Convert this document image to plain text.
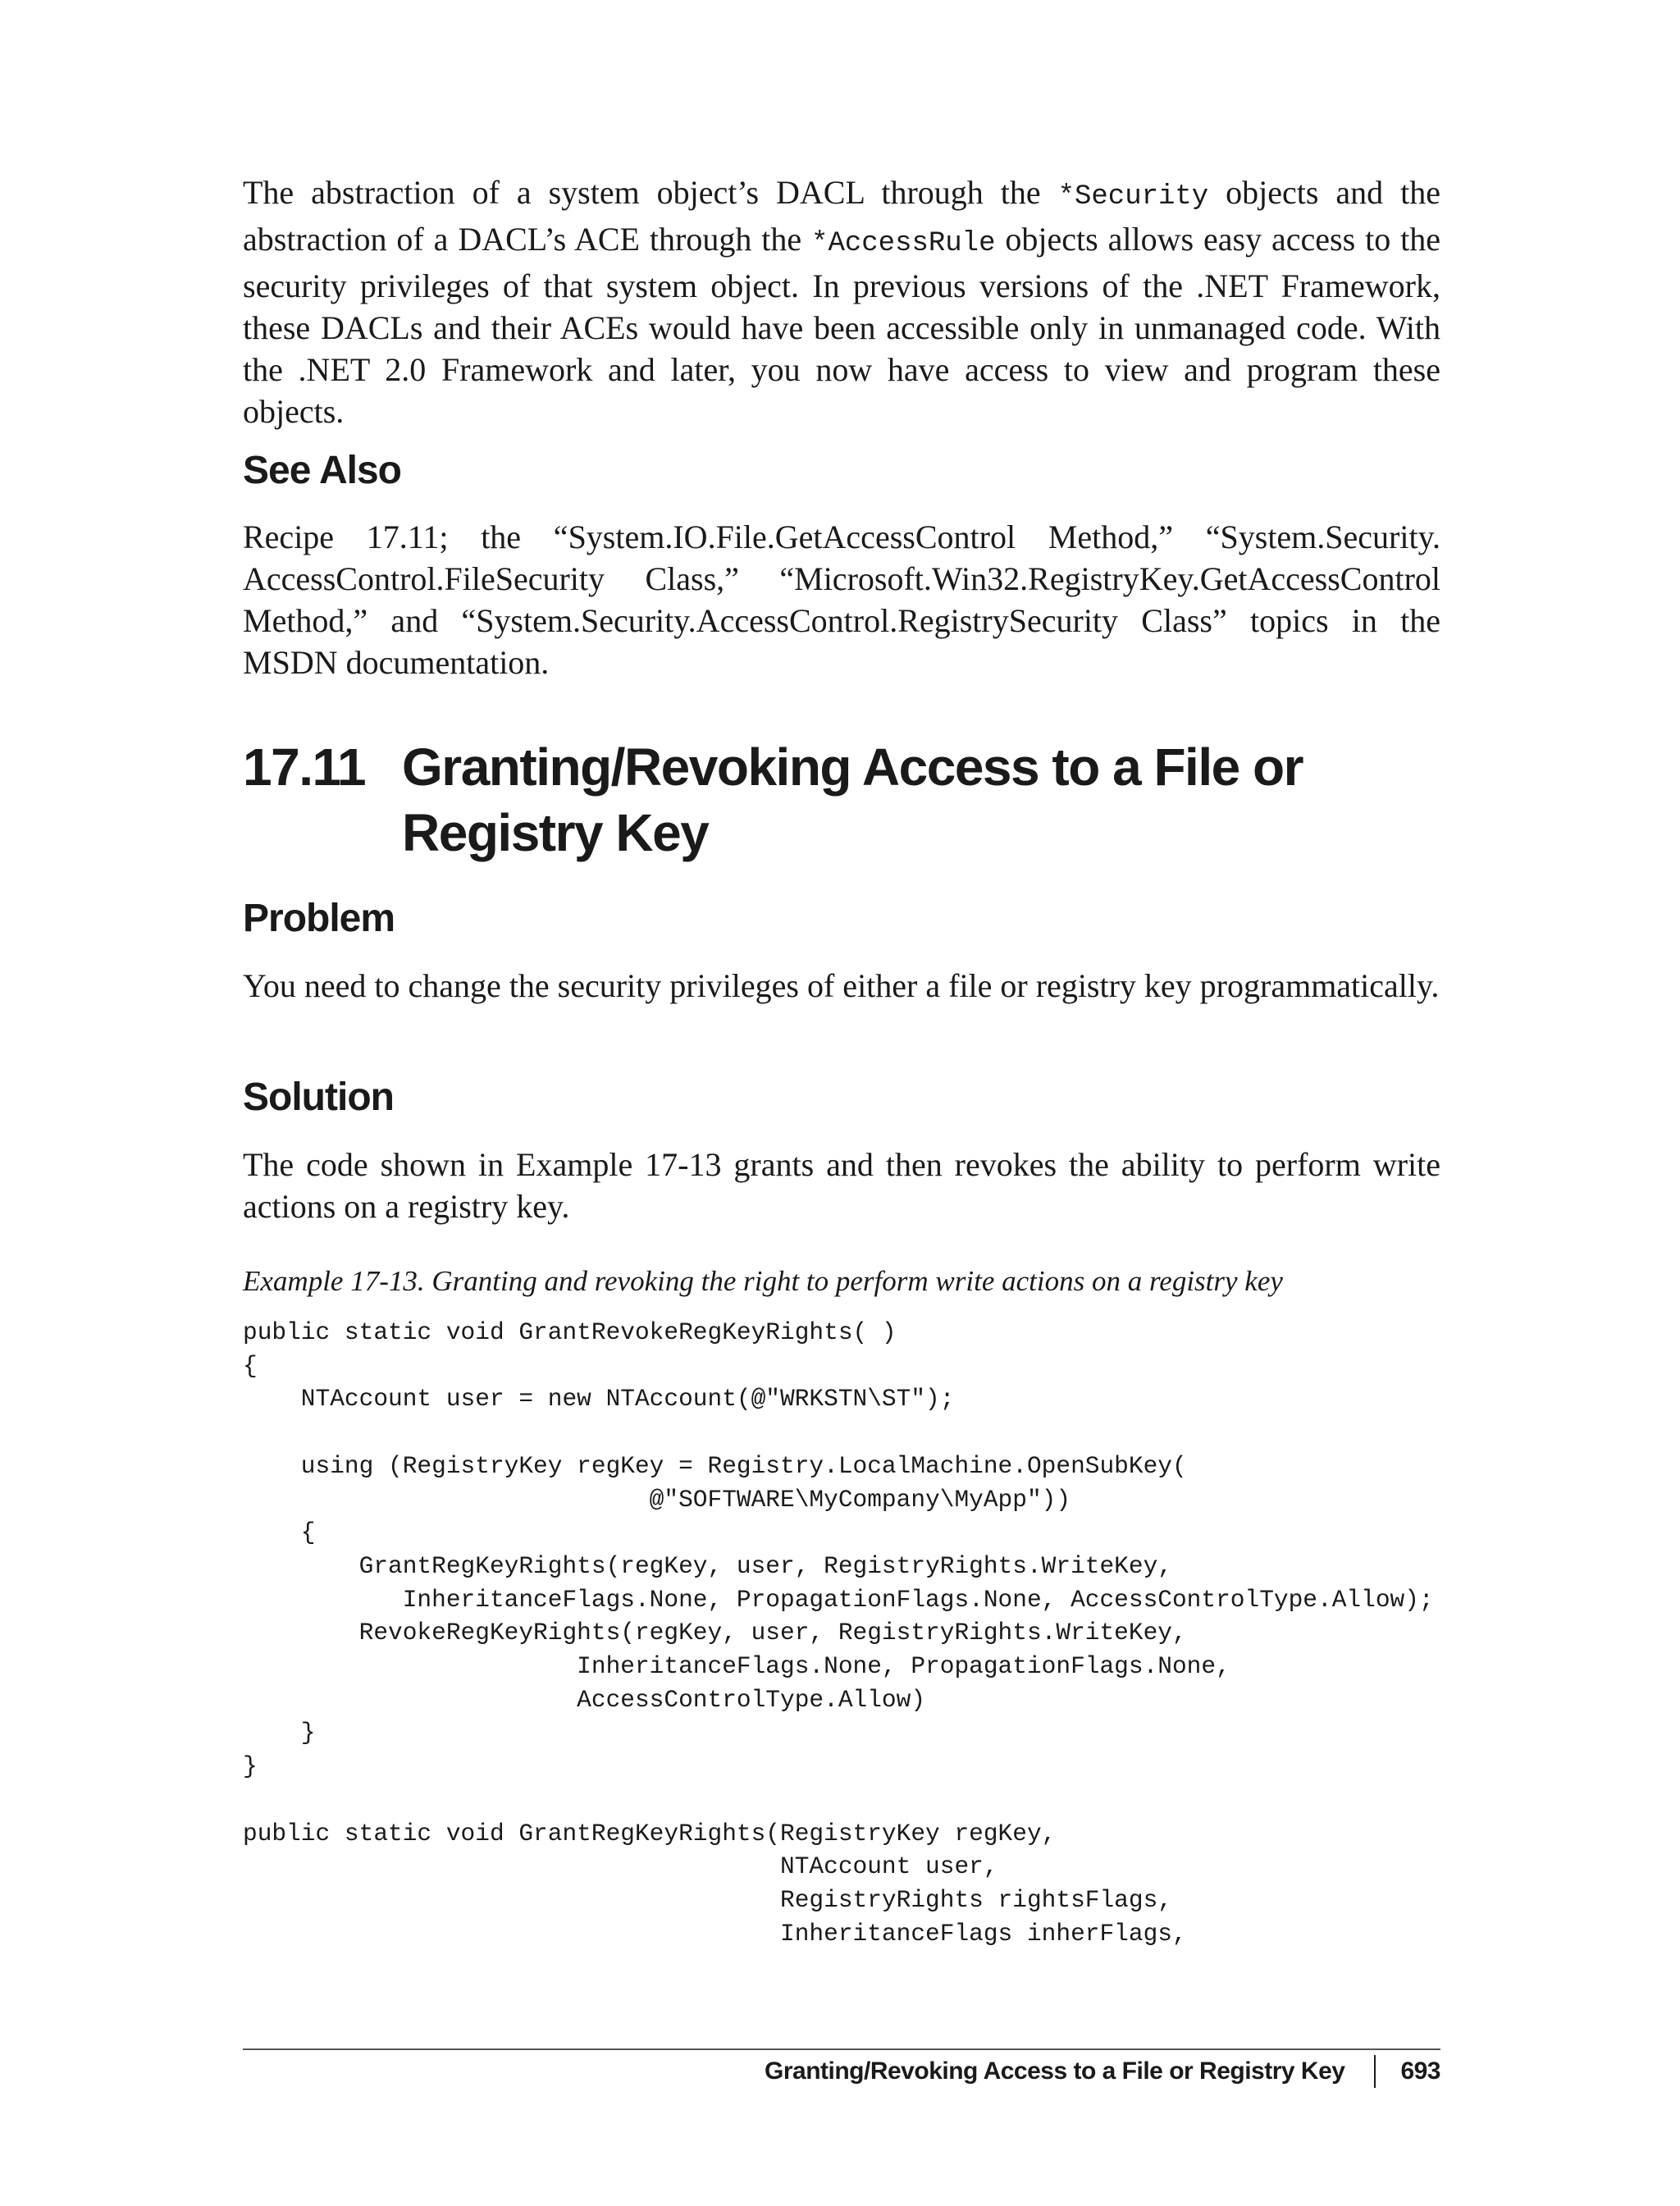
The abstraction of a system object’s DACL through the *Security objects and the abstraction of a DACL’s ACE through the *AccessRule objects allows easy access to the security privileges of that system object. In previous versions of the .NET Framework, these DACLs and their ACEs would have been accessible only in unmanaged code. With the .NET 2.0 Framework and later, you now have access to view and program these objects.

See Also

Recipe 17.11; the “System.IO.File.GetAccessControl Method,” “System.Security.​AccessControl.FileSecurity Class,” “Microsoft.Win32.RegistryKey.GetAccessControl Method,” and “System.Security.AccessControl.RegistrySecurity Class” topics in the MSDN documentation.

17.11 Granting/Revoking Access to a File or Registry Key
Problem

You need to change the security privileges of either a file or registry key programmatically.

Solution

The code shown in Example 17-13 grants and then revokes the ability to perform write actions on a registry key.

Example 17-13. Granting and revoking the right to perform write actions on a registry key

public static void GrantRevokeRegKeyRights( )
{
NTAccount user = new NTAccount(@"WRKSTN\ST");

using (RegistryKey regKey = Registry.LocalMachine.OpenSubKey(
@"SOFTWARE\MyCompany\MyApp"))
{
GrantRegKeyRights(regKey, user, RegistryRights.WriteKey,
InheritanceFlags.None, PropagationFlags.None, AccessControlType.Allow);
RevokeRegKeyRights(regKey, user, RegistryRights.WriteKey,
InheritanceFlags.None, PropagationFlags.None,
AccessControlType.Allow)
}
}

public static void GrantRegKeyRights(RegistryKey regKey,
NTAccount user,
RegistryRights rightsFlags,
InheritanceFlags inherFlags,
Granting/Revoking Access to a File or Registry Key 693
